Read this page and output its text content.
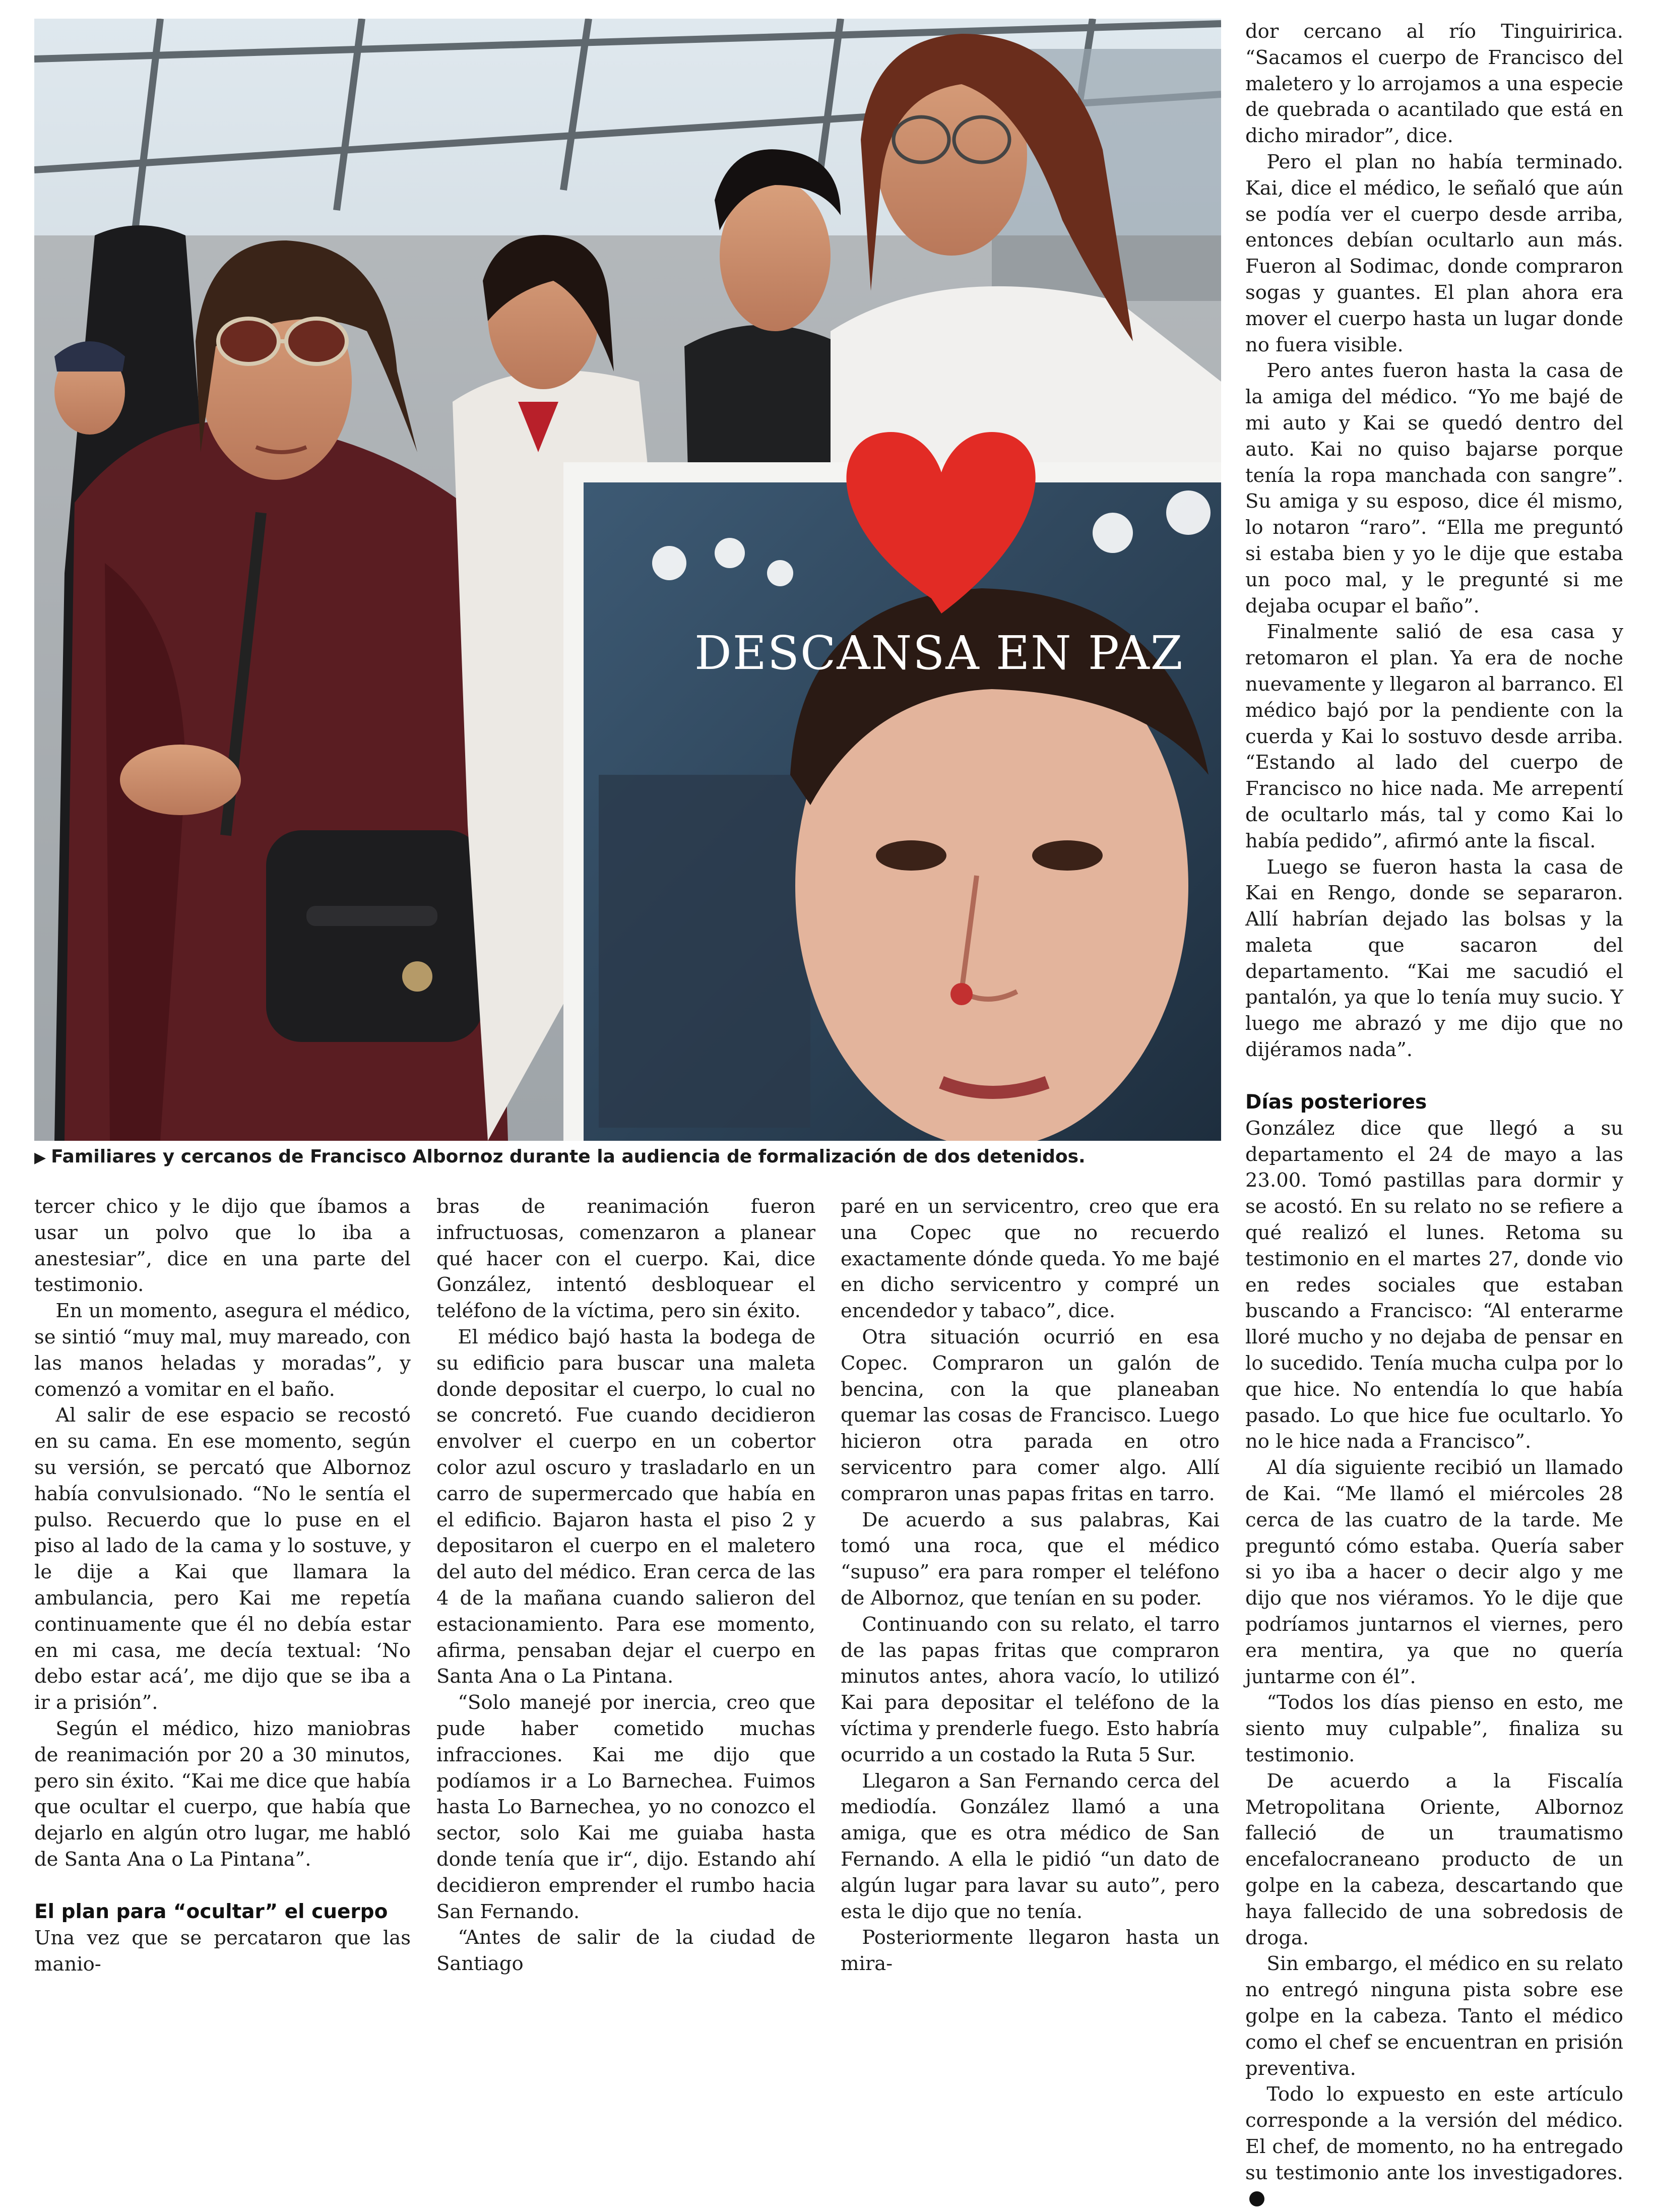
DESCANSA EN PAZ
▶ Familiares y cercanos de Francisco Albornoz durante la audiencia de formalización de dos detenidos.

tercer chico y le dijo que íbamos a usar un polvo que lo iba a anestesiar”, dice en una parte del testimonio.

En un momento, asegura el médico, se sintió “muy mal, muy mareado, con las manos heladas y moradas”, y comenzó a vomitar en el baño.

Al salir de ese espacio se recostó en su cama. En ese momento, según su versión, se percató que Albornoz había convulsionado. “No le sentía el pulso. Recuerdo que lo puse en el piso al lado de la cama y lo sostuve, y le dije a Kai que llamara la ambulancia, pero Kai me repetía continuamente que él no debía estar en mi casa, me decía textual: ‘No debo estar acá’, me dijo que se iba a ir a prisión”.

Según el médico, hizo maniobras de reanimación por 20 a 30 minutos, pero sin éxito. “Kai me dice que había que ocultar el cuerpo, que había que dejarlo en algún otro lugar, me habló de Santa Ana o La Pintana”.

El plan para “ocultar” el cuerpo

Una vez que se percataron que las manio-

bras de reanimación fueron infructuosas, comenzaron a planear qué hacer con el cuerpo. Kai, dice González, intentó desbloquear el teléfono de la víctima, pero sin éxito.

El médico bajó hasta la bodega de su edificio para buscar una maleta donde depositar el cuerpo, lo cual no se concretó. Fue cuando decidieron envolver el cuerpo en un cobertor color azul oscuro y trasladarlo en un carro de supermercado que había en el edificio. Bajaron hasta el piso 2 y depositaron el cuerpo en el maletero del auto del médico. Eran cerca de las 4 de la mañana cuando salieron del estacionamiento. Para ese momento, afirma, pensaban dejar el cuerpo en Santa Ana o La Pintana.

“Solo manejé por inercia, creo que pude haber cometido muchas infracciones. Kai me dijo que podíamos ir a Lo Barnechea. Fuimos hasta Lo Barnechea, yo no conozco el sector, solo Kai me guiaba hasta donde tenía que ir“, dijo. Estando ahí decidieron emprender el rumbo hacia San Fernando.

“Antes de salir de la ciudad de Santiago

paré en un servicentro, creo que era una Copec que no recuerdo exactamente dónde queda. Yo me bajé en dicho servicentro y compré un encendedor y tabaco”, dice.

Otra situación ocurrió en esa Copec. Compraron un galón de bencina, con la que planeaban quemar las cosas de Francisco. Luego hicieron otra parada en otro servicentro para comer algo. Allí compraron unas papas fritas en tarro.

De acuerdo a sus palabras, Kai tomó una roca, que el médico “supuso” era para romper el teléfono de Albornoz, que tenían en su poder.

Continuando con su relato, el tarro de las papas fritas que compraron minutos antes, ahora vacío, lo utilizó Kai para depositar el teléfono de la víctima y prenderle fuego. Esto habría ocurrido a un costado la Ruta 5 Sur.

Llegaron a San Fernando cerca del mediodía. González llamó a una amiga, que es otra médico de San Fernando. A ella le pidió “un dato de algún lugar para lavar su auto”, pero esta le dijo que no tenía.

Posteriormente llegaron hasta un mira-

dor cercano al río Tinguiririca. “Sacamos el cuerpo de Francisco del maletero y lo arrojamos a una especie de quebrada o acantilado que está en dicho mirador”, dice.

Pero el plan no había terminado. Kai, dice el médico, le señaló que aún se podía ver el cuerpo desde arriba, entonces debían ocultarlo aun más. Fueron al Sodimac, donde compraron sogas y guantes. El plan ahora era mover el cuerpo hasta un lugar donde no fuera visible.

Pero antes fueron hasta la casa de la amiga del médico. “Yo me bajé de mi auto y Kai se quedó dentro del auto. Kai no quiso bajarse porque tenía la ropa manchada con sangre”. Su amiga y su esposo, dice él mismo, lo notaron “raro”. “Ella me preguntó si estaba bien y yo le dije que estaba un poco mal, y le pregunté si me dejaba ocupar el baño”.

Finalmente salió de esa casa y retomaron el plan. Ya era de noche nuevamente y llegaron al barranco. El médico bajó por la pendiente con la cuerda y Kai lo sostuvo desde arriba. “Estando al lado del cuerpo de Francisco no hice nada. Me arrepentí de ocultarlo más, tal y como Kai lo había pedido”, afirmó ante la fiscal.

Luego se fueron hasta la casa de Kai en Rengo, donde se separaron. Allí habrían dejado las bolsas y la maleta que sacaron del departamento. “Kai me sacudió el pantalón, ya que lo tenía muy sucio. Y luego me abrazó y me dijo que no dijéramos nada”.

Días posteriores

González dice que llegó a su departamento el 24 de mayo a las 23.00. Tomó pastillas para dormir y se acostó. En su relato no se refiere a qué realizó el lunes. Retoma su testimonio en el martes 27, donde vio en redes sociales que estaban buscando a Francisco: “Al enterarme lloré mucho y no dejaba de pensar en lo sucedido. Tenía mucha culpa por lo que hice. No entendía lo que había pasado. Lo que hice fue ocultarlo. Yo no le hice nada a Francisco”.

Al día siguiente recibió un llamado de Kai. “Me llamó el miércoles 28 cerca de las cuatro de la tarde. Me preguntó cómo estaba. Quería saber si yo iba a hacer o decir algo y me dijo que nos viéramos. Yo le dije que podríamos juntarnos el viernes, pero era mentira, ya que no quería juntarme con él”.

“Todos los días pienso en esto, me siento muy culpable”, finaliza su testimonio.

De acuerdo a la Fiscalía Metropolitana Oriente, Albornoz falleció de un traumatismo encefalocraneano producto de un golpe en la cabeza, descartando que haya fallecido de una sobredosis de droga.

Sin embargo, el médico en su relato no entregó ninguna pista sobre ese golpe en la cabeza. Tanto el médico como el chef se encuentran en prisión preventiva.

Todo lo expuesto en este artículo corresponde a la versión del médico. El chef, de momento, no ha entregado su testimonio ante los investigadores.
